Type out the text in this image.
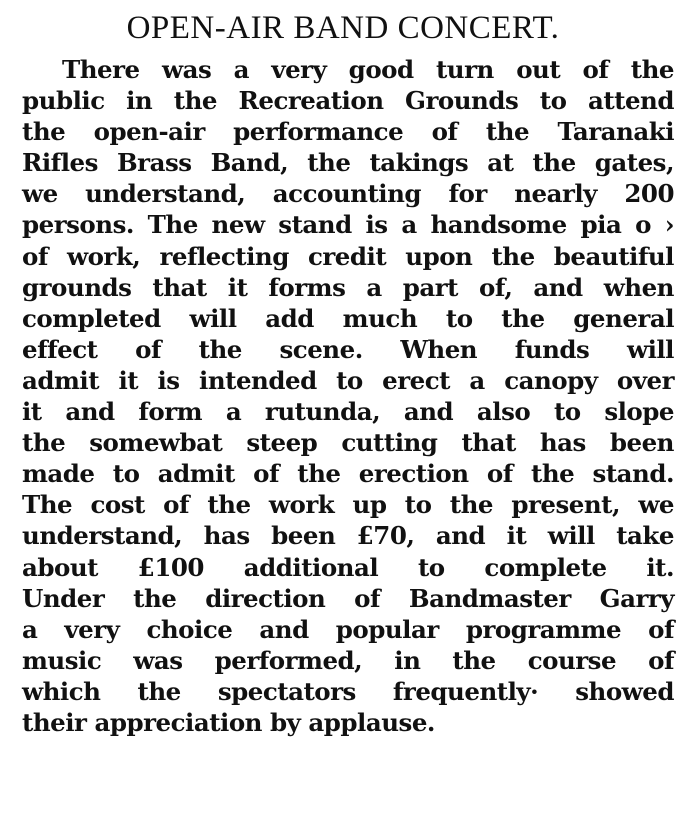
OPEN-AIR BAND CONCERT.
There was a very good turn out of the
public in the Recreation Grounds to attend
the open-air performance of the Taranaki
Rifles Brass Band, the takings at the gates,
we understand, accounting for nearly 200
persons. The new stand is a handsome piа o ›
of work, reflecting credit upon the beautiful
grounds that it forms a part of, and when
completed will add much to the general
effect of the scene. When funds will
admit it is intended to erect a canopy over
it and form a rutunda, and also to slope
the somewbat steep cutting that has been
made to admit of the erection of the stand.
The cost of the work up to the present, we
understand, has been £70, and it will take
about £100 additional to complete it.
Under the direction of Bandmaster Garry
a very choice and popular programme of
music was performed, in the course of
which the spectators frequently· showed
their appreciation by applause.
